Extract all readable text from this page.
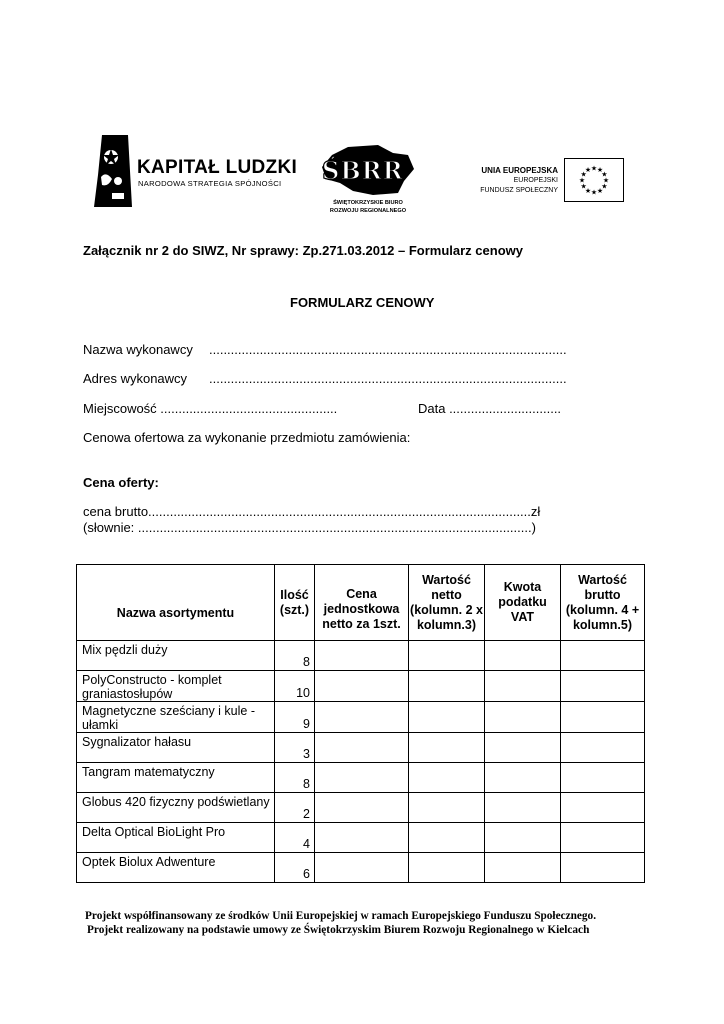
KAPITAŁ LUDZKI
NARODOWA STRATEGIA SPÓJNOŚCI ŚBRR
ŚWIĘTOKRZYSKIE BIURO
ROZWOJU REGIONALNEGO
UNIA EUROPEJSKA
EUROPEJSKI
FUNDUSZ SPOŁECZNY
★
★
★
★
★
★
★
★
★ ★ ★
★
Załącznik nr 2 do SIWZ, Nr sprawy: Zp.271.03.2012 – Formularz cenowy
FORMULARZ CENOWY
Nazwa wykonawcy ...................................................................................................
Adres wykonawcy ...................................................................................................
Miejscowość .................................................	Data ...............................
Cenowa ofertowa za wykonanie przedmiotu zamówienia:
Cena oferty:
cena brutto..........................................................................................................zł
(słownie: .............................................................................................................)
Nazwa asortymentu	Ilość (szt.)	Cena jednostkowa netto za 1szt.	Wartość netto (kolumn. 2 x kolumn.3)	Kwota podatku VAT	Wartość brutto (kolumn. 4 + kolumn.5)
Mix pędzli duży	8				
PolyConstructo - komplet graniastosłupów	10				
Magnetyczne sześciany i kule - ułamki	9				
Sygnalizator hałasu	3				
Tangram matematyczny	8				
Globus 420 fizyczny podświetlany	2				
Delta Optical BioLight Pro	4				
Optek Biolux Adwenture	6				
Projekt współfinansowany ze środków Unii Europejskiej w ramach Europejskiego Funduszu Społecznego.
Projekt realizowany na podstawie umowy ze Świętokrzyskim Biurem Rozwoju Regionalnego w Kielcach
